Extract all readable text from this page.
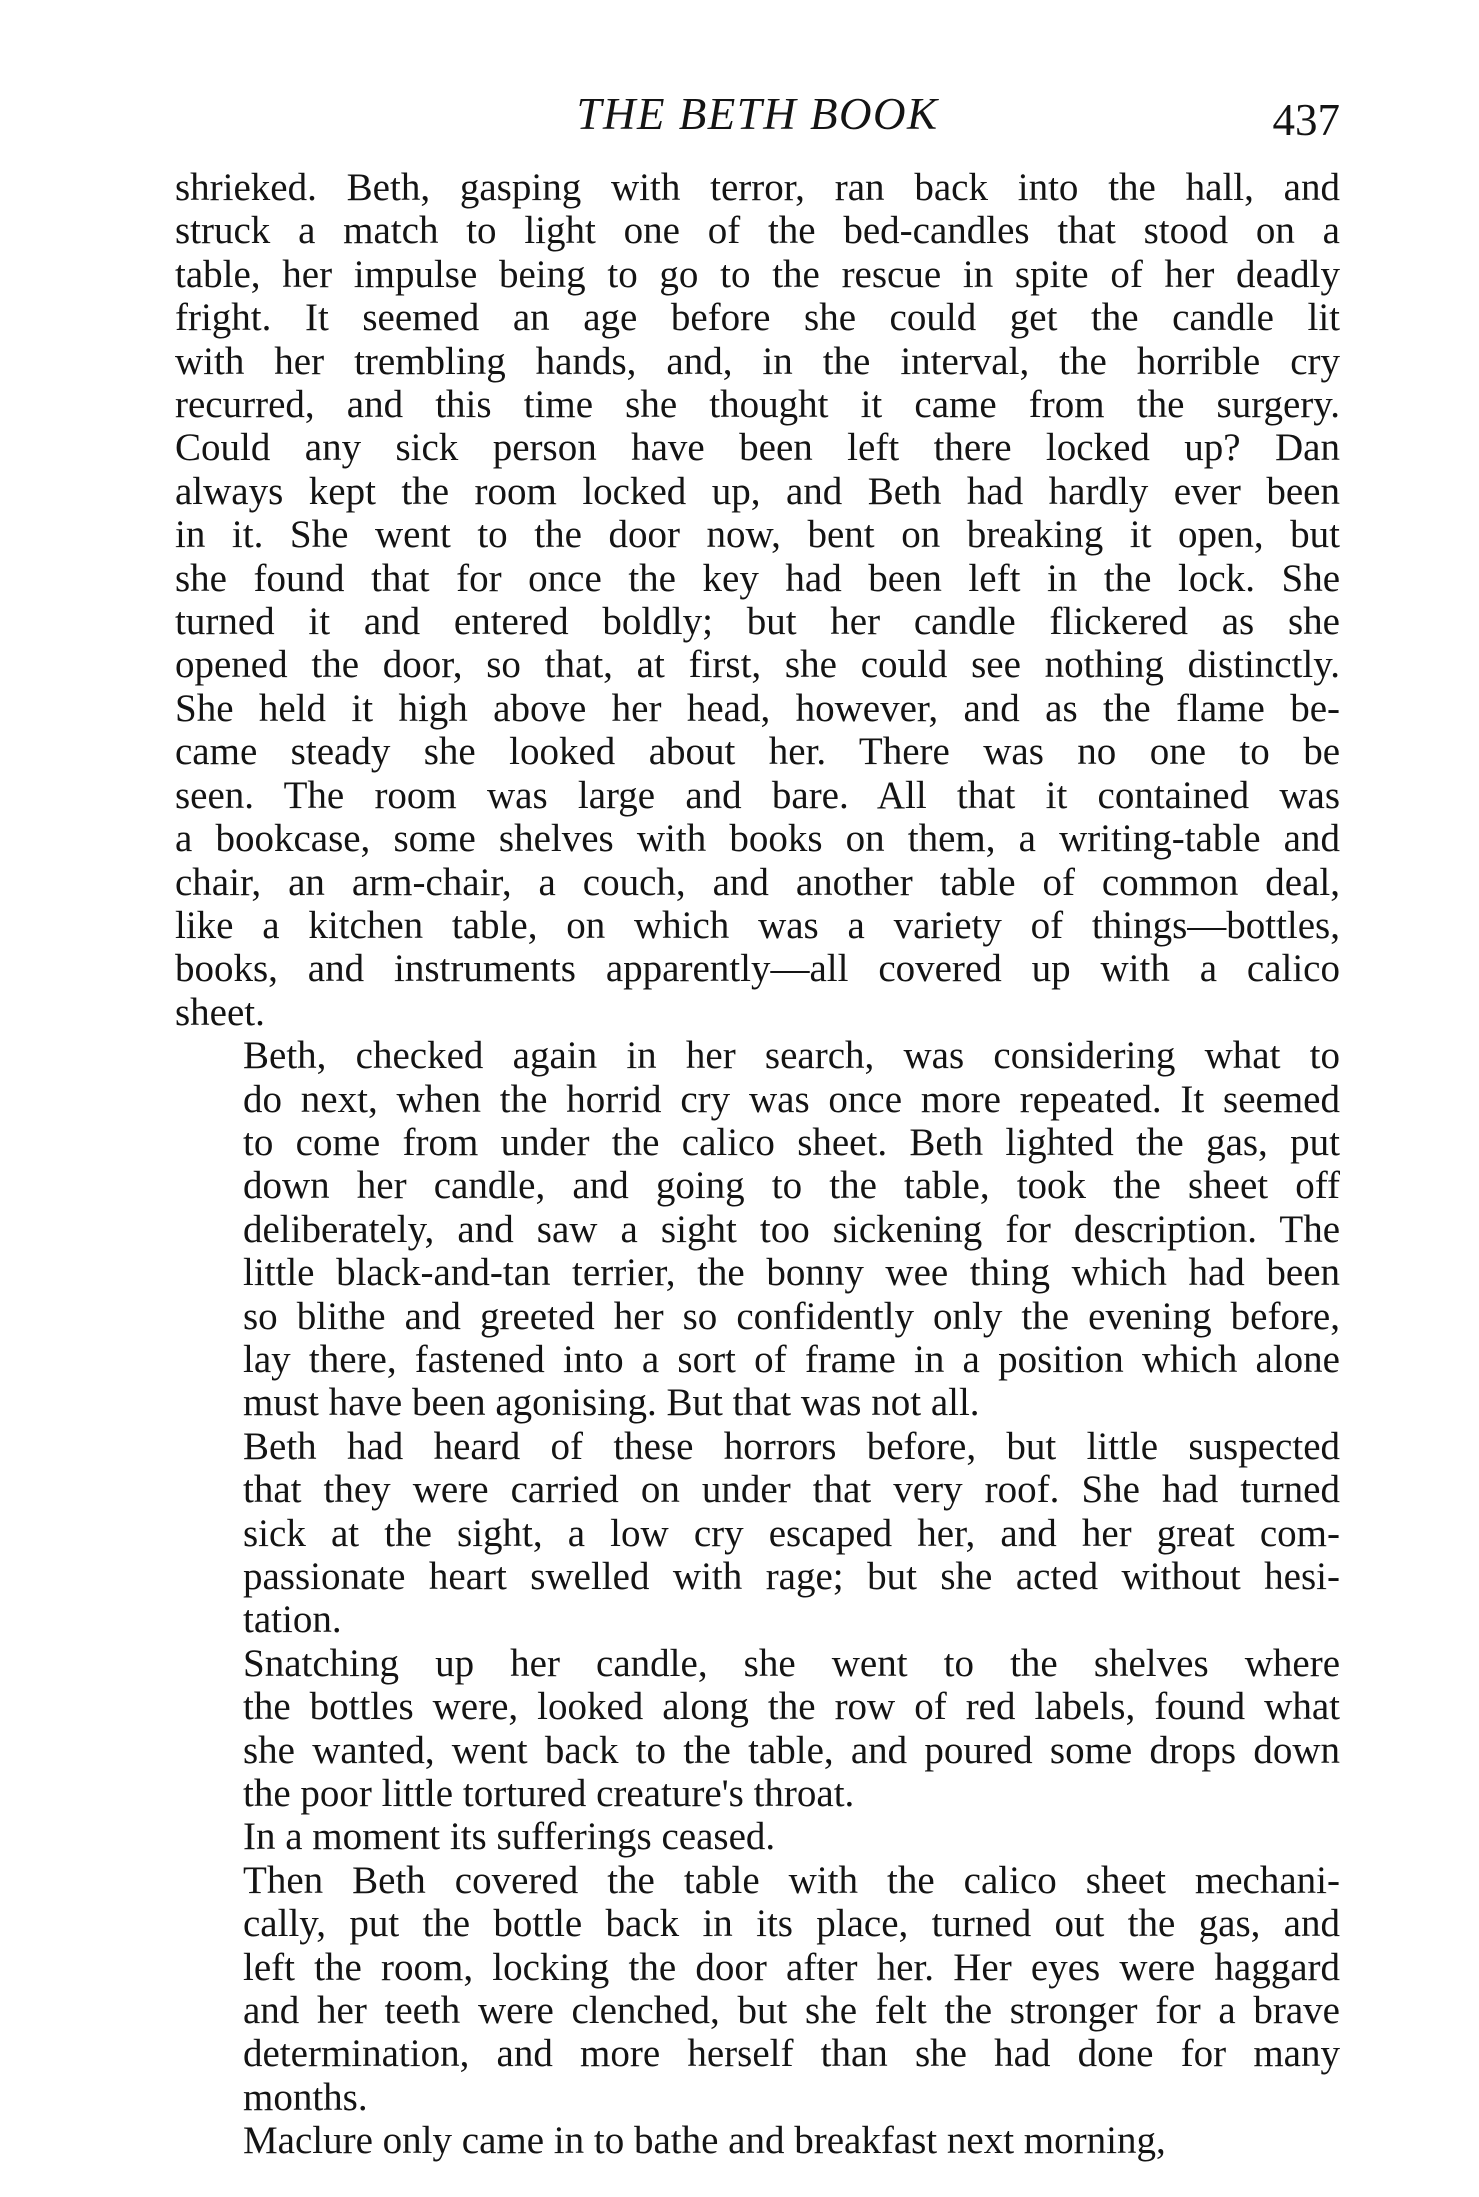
THE BETH BOOK	437

shrieked. Beth, gasping with terror, ran back into the hall, and
struck a match to light one of the bed-candles that stood on a
table, her impulse being to go to the rescue in spite of her deadly
fright. It seemed an age before she could get the candle lit
with her trembling hands, and, in the interval, the horrible cry
recurred, and this time she thought it came from the surgery.
Could any sick person have been left there locked up? Dan
always kept the room locked up, and Beth had hardly ever been
in it. She went to the door now, bent on breaking it open, but
she found that for once the key had been left in the lock. She
turned it and entered boldly; but her candle flickered as she
opened the door, so that, at first, she could see nothing distinctly.
She held it high above her head, however, and as the flame be-
came steady she looked about her. There was no one to be
seen. The room was large and bare. All that it contained was
a bookcase, some shelves with books on them, a writing-table and
chair, an arm-chair, a couch, and another table of common deal,
like a kitchen table, on which was a variety of things—bottles,
books, and instruments apparently—all covered up with a calico
sheet.

Beth, checked again in her search, was considering what to
do next, when the horrid cry was once more repeated. It seemed
to come from under the calico sheet. Beth lighted the gas, put
down her candle, and going to the table, took the sheet off
deliberately, and saw a sight too sickening for description. The
little black-and-tan terrier, the bonny wee thing which had been
so blithe and greeted her so confidently only the evening before,
lay there, fastened into a sort of frame in a position which alone
must have been agonising. But that was not all.

Beth had heard of these horrors before, but little suspected
that they were carried on under that very roof. She had turned
sick at the sight, a low cry escaped her, and her great com-
passionate heart swelled with rage; but she acted without hesi-
tation.

Snatching up her candle, she went to the shelves where
the bottles were, looked along the row of red labels, found what
she wanted, went back to the table, and poured some drops down
the poor little tortured creature's throat.

In a moment its sufferings ceased.

Then Beth covered the table with the calico sheet mechani-
cally, put the bottle back in its place, turned out the gas, and
left the room, locking the door after her. Her eyes were haggard
and her teeth were clenched, but she felt the stronger for a brave
determination, and more herself than she had done for many
months.

Maclure only came in to bathe and breakfast next morning,
